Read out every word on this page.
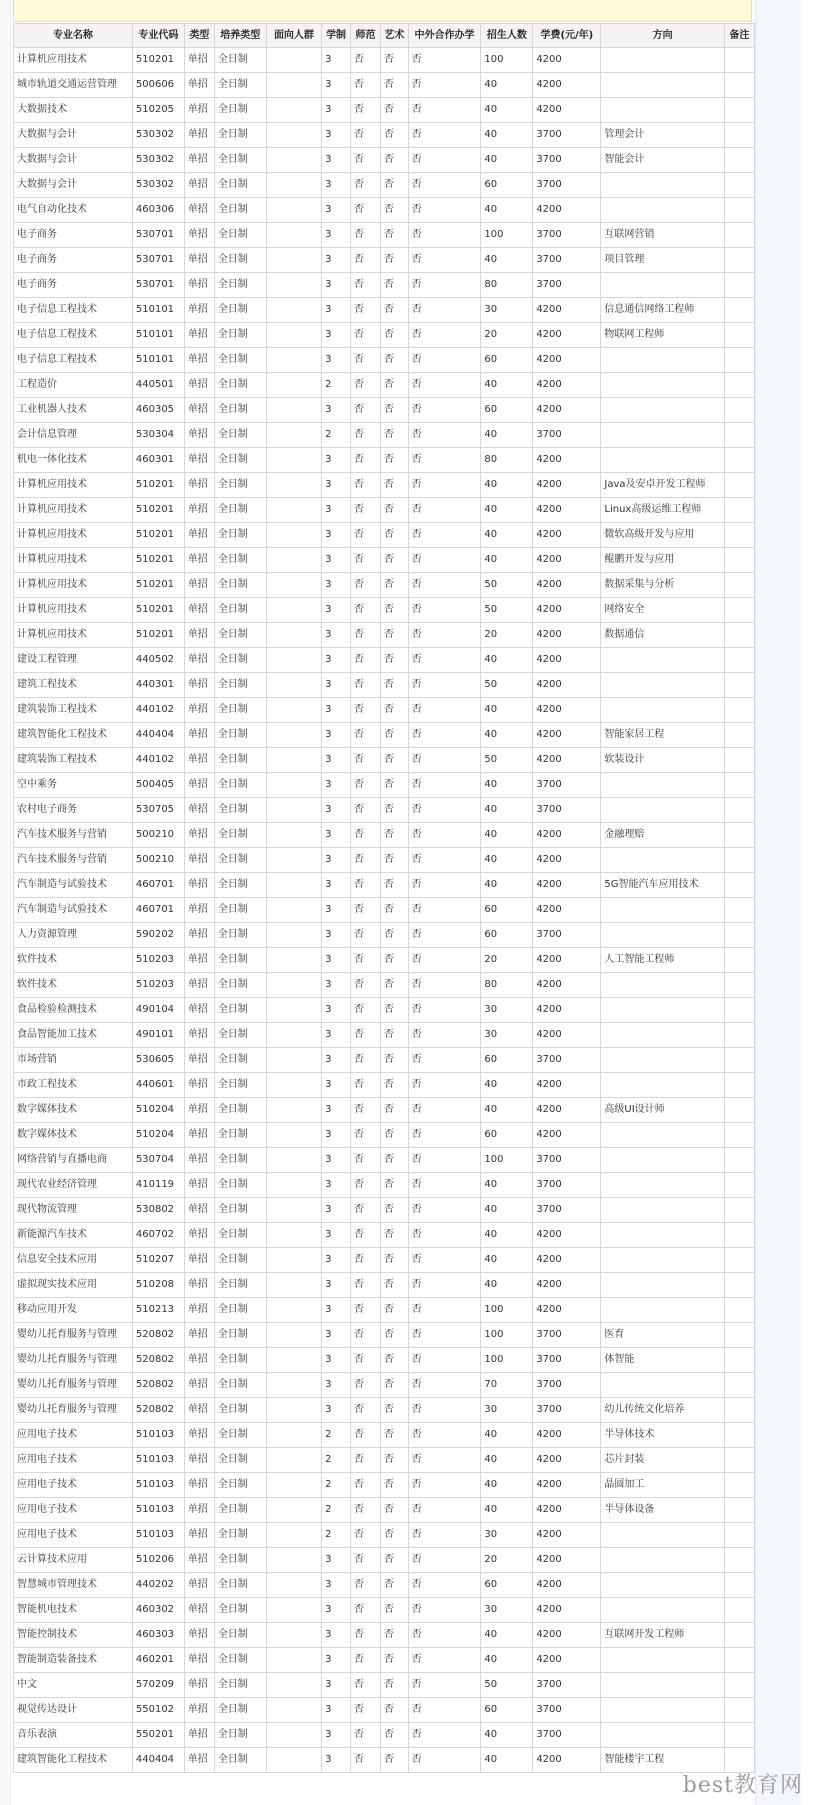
专业名称	专业代码	类型	培养类型	面向人群	学制	师范	艺术	中外合作办学	招生人数	学费(元/年)	方向	备注
计算机应用技术	510201	单招	全日制		3	否	否	否	100	4200		
城市轨道交通运营管理	500606	单招	全日制		3	否	否	否	40	4200		
大数据技术	510205	单招	全日制		3	否	否	否	40	4200		
大数据与会计	530302	单招	全日制		3	否	否	否	40	3700	管理会计	
大数据与会计	530302	单招	全日制		3	否	否	否	40	3700	智能会计	
大数据与会计	530302	单招	全日制		3	否	否	否	60	3700		
电气自动化技术	460306	单招	全日制		3	否	否	否	40	4200		
电子商务	530701	单招	全日制		3	否	否	否	100	3700	互联网营销	
电子商务	530701	单招	全日制		3	否	否	否	40	3700	项目管理	
电子商务	530701	单招	全日制		3	否	否	否	80	3700		
电子信息工程技术	510101	单招	全日制		3	否	否	否	30	4200	信息通信网络工程师	
电子信息工程技术	510101	单招	全日制		3	否	否	否	20	4200	物联网工程师	
电子信息工程技术	510101	单招	全日制		3	否	否	否	60	4200		
工程造价	440501	单招	全日制		2	否	否	否	40	4200		
工业机器人技术	460305	单招	全日制		3	否	否	否	60	4200		
会计信息管理	530304	单招	全日制		2	否	否	否	40	3700		
机电一体化技术	460301	单招	全日制		3	否	否	否	80	4200		
计算机应用技术	510201	单招	全日制		3	否	否	否	40	4200	Java及安卓开发工程师	
计算机应用技术	510201	单招	全日制		3	否	否	否	40	4200	Linux高级运维工程师	
计算机应用技术	510201	单招	全日制		3	否	否	否	40	4200	微软高级开发与应用	
计算机应用技术	510201	单招	全日制		3	否	否	否	40	4200	鲲鹏开发与应用	
计算机应用技术	510201	单招	全日制		3	否	否	否	50	4200	数据采集与分析	
计算机应用技术	510201	单招	全日制		3	否	否	否	50	4200	网络安全	
计算机应用技术	510201	单招	全日制		3	否	否	否	20	4200	数据通信	
建设工程管理	440502	单招	全日制		3	否	否	否	40	4200		
建筑工程技术	440301	单招	全日制		3	否	否	否	50	4200		
建筑装饰工程技术	440102	单招	全日制		3	否	否	否	40	4200		
建筑智能化工程技术	440404	单招	全日制		3	否	否	否	40	4200	智能家居工程	
建筑装饰工程技术	440102	单招	全日制		3	否	否	否	50	4200	软装设计	
空中乘务	500405	单招	全日制		3	否	否	否	40	3700		
农村电子商务	530705	单招	全日制		3	否	否	否	40	3700		
汽车技术服务与营销	500210	单招	全日制		3	否	否	否	40	4200	金融理赔	
汽车技术服务与营销	500210	单招	全日制		3	否	否	否	40	4200		
汽车制造与试验技术	460701	单招	全日制		3	否	否	否	40	4200	5G智能汽车应用技术	
汽车制造与试验技术	460701	单招	全日制		3	否	否	否	60	4200		
人力资源管理	590202	单招	全日制		3	否	否	否	60	3700		
软件技术	510203	单招	全日制		3	否	否	否	20	4200	人工智能工程师	
软件技术	510203	单招	全日制		3	否	否	否	80	4200		
食品检验检测技术	490104	单招	全日制		3	否	否	否	30	4200		
食品智能加工技术	490101	单招	全日制		3	否	否	否	30	4200		
市场营销	530605	单招	全日制		3	否	否	否	60	3700		
市政工程技术	440601	单招	全日制		3	否	否	否	40	4200		
数字媒体技术	510204	单招	全日制		3	否	否	否	40	4200	高级UI设计师	
数字媒体技术	510204	单招	全日制		3	否	否	否	60	4200		
网络营销与直播电商	530704	单招	全日制		3	否	否	否	100	3700		
现代农业经济管理	410119	单招	全日制		3	否	否	否	40	3700		
现代物流管理	530802	单招	全日制		3	否	否	否	40	3700		
新能源汽车技术	460702	单招	全日制		3	否	否	否	40	4200		
信息安全技术应用	510207	单招	全日制		3	否	否	否	40	4200		
虚拟现实技术应用	510208	单招	全日制		3	否	否	否	40	4200		
移动应用开发	510213	单招	全日制		3	否	否	否	100	4200		
婴幼儿托育服务与管理	520802	单招	全日制		3	否	否	否	100	3700	医育	
婴幼儿托育服务与管理	520802	单招	全日制		3	否	否	否	100	3700	体智能	
婴幼儿托育服务与管理	520802	单招	全日制		3	否	否	否	70	3700		
婴幼儿托育服务与管理	520802	单招	全日制		3	否	否	否	30	3700	幼儿传统文化培养	
应用电子技术	510103	单招	全日制		2	否	否	否	40	4200	半导体技术	
应用电子技术	510103	单招	全日制		2	否	否	否	40	4200	芯片封装	
应用电子技术	510103	单招	全日制		2	否	否	否	40	4200	晶圆加工	
应用电子技术	510103	单招	全日制		2	否	否	否	40	4200	半导体设备	
应用电子技术	510103	单招	全日制		2	否	否	否	30	4200		
云计算技术应用	510206	单招	全日制		3	否	否	否	20	4200		
智慧城市管理技术	440202	单招	全日制		3	否	否	否	60	4200		
智能机电技术	460302	单招	全日制		3	否	否	否	30	4200		
智能控制技术	460303	单招	全日制		3	否	否	否	40	4200	互联网开发工程师	
智能制造装备技术	460201	单招	全日制		3	否	否	否	40	4200		
中文	570209	单招	全日制		3	否	否	否	50	3700		
视觉传达设计	550102	单招	全日制		3	否	否	否	60	3700		
音乐表演	550201	单招	全日制		3	否	否	否	40	3700		
建筑智能化工程技术	440404	单招	全日制		3	否	否	否	40	4200	智能楼宇工程	
best教育网
